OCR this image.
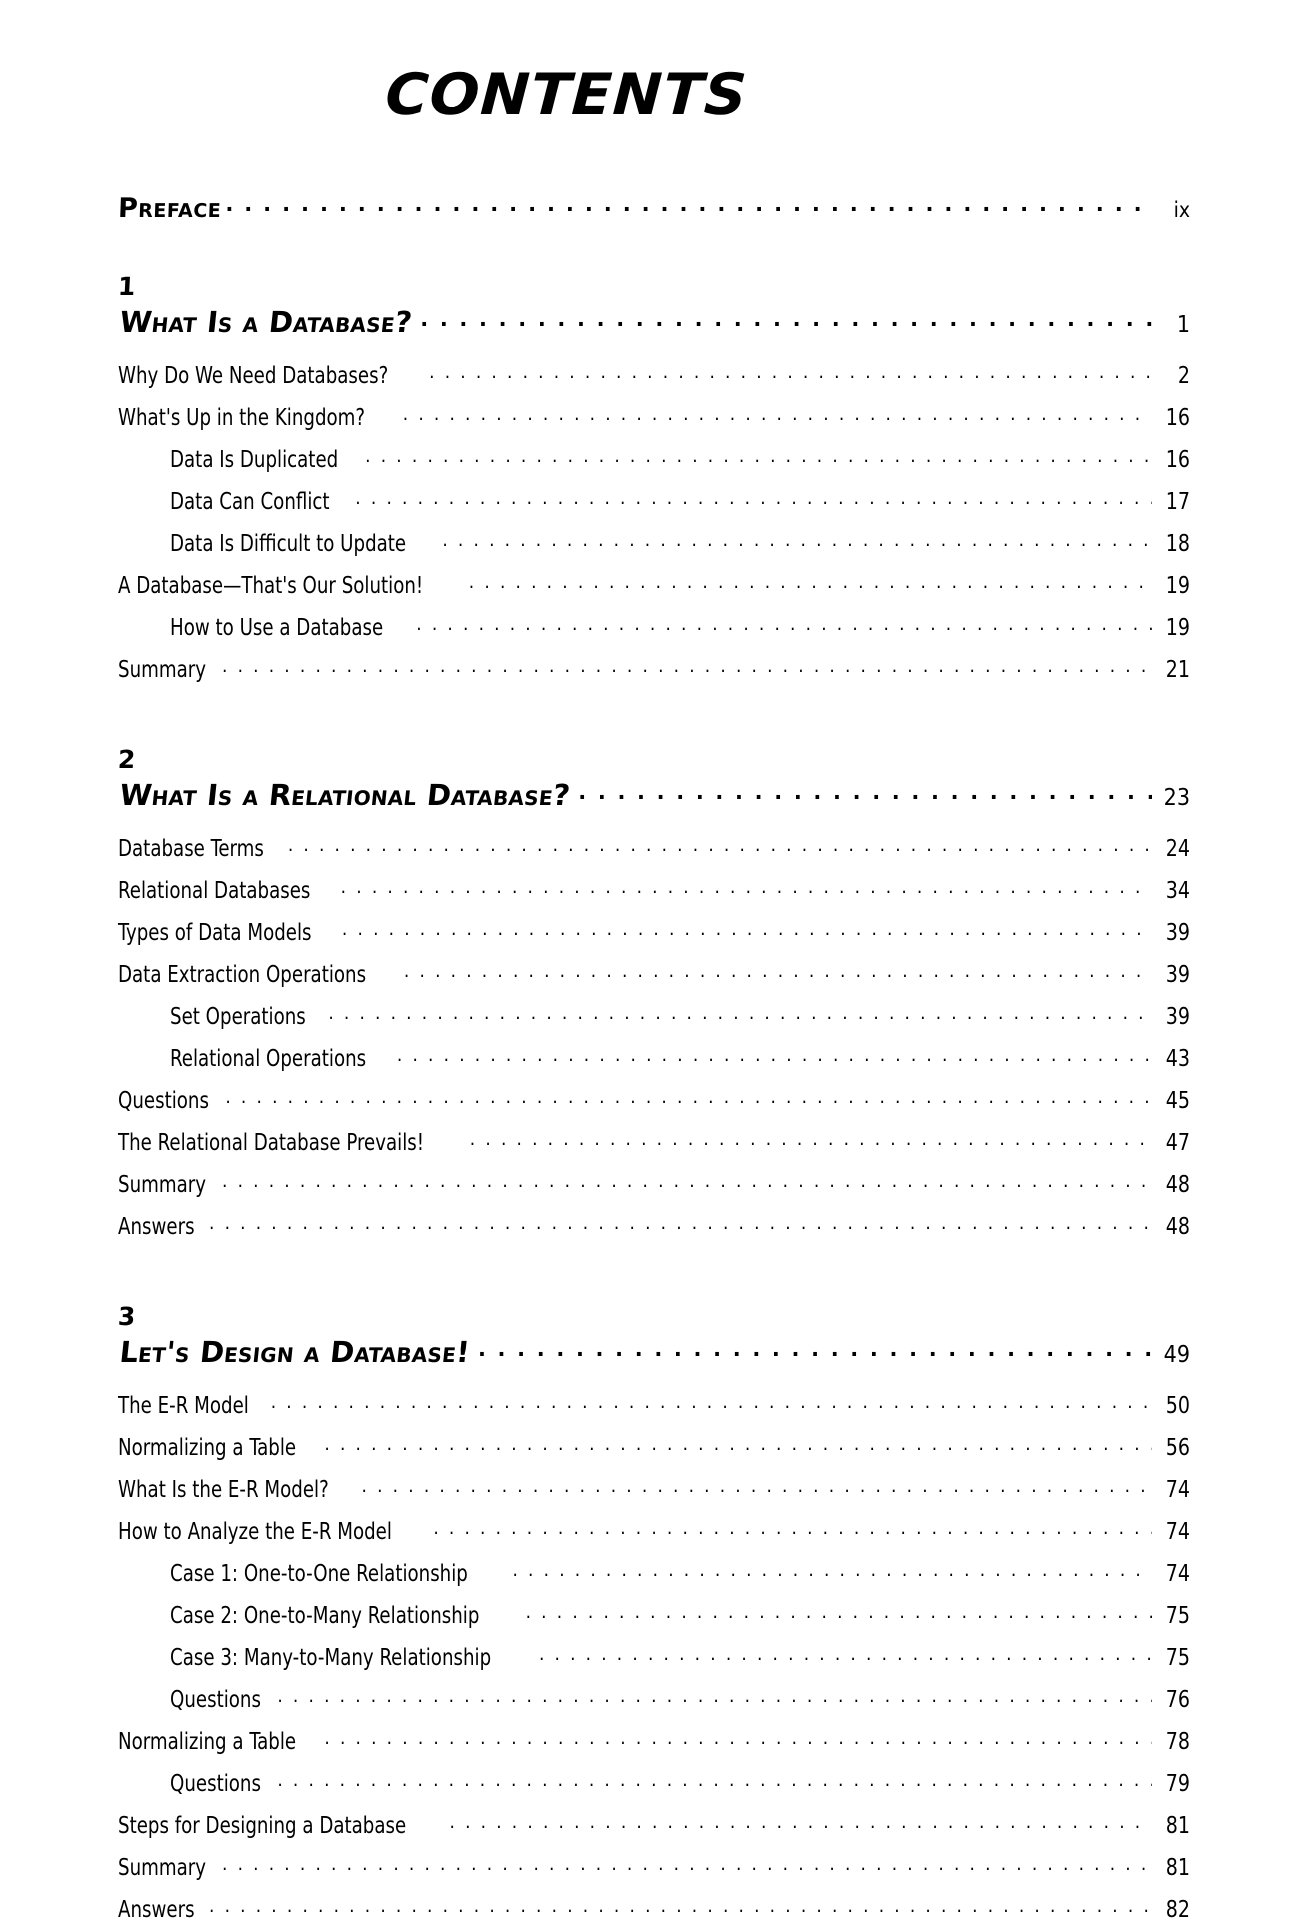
CONTENTS
Preface . . .	ix
1
What Is a Database? . . .	1
Why Do We Need Databases? . . .	2
What's Up in the Kingdom? . . .	16
Data Is Duplicated . . .	16
Data Can Conflict . . .	17
Data Is Difficult to Update . . .	18
A Database—That's Our Solution! . . .	19
How to Use a Database . . .	19
Summary . . .	21
2
What Is a Relational Database? . . .	23
Database Terms . . .	24
Relational Databases . . .	34
Types of Data Models . . .	39
Data Extraction Operations . . .	39
Set Operations . . .	39
Relational Operations . . .	43
Questions . . .	45
The Relational Database Prevails! . . .	47
Summary . . .	48
Answers . . .	48
3
Let's Design a Database! . . .	49
The E-R Model . . .	50
Normalizing a Table . . .	56
What Is the E-R Model? . . .	74
How to Analyze the E-R Model . . .	74
Case 1: One-to-One Relationship . . .	74
Case 2: One-to-Many Relationship . . .	75
Case 3: Many-to-Many Relationship . . .	75
Questions . . .	76
Normalizing a Table . . .	78
Questions . . .	79
Steps for Designing a Database . . .	81
Summary . . .	81
Answers . . .	82
